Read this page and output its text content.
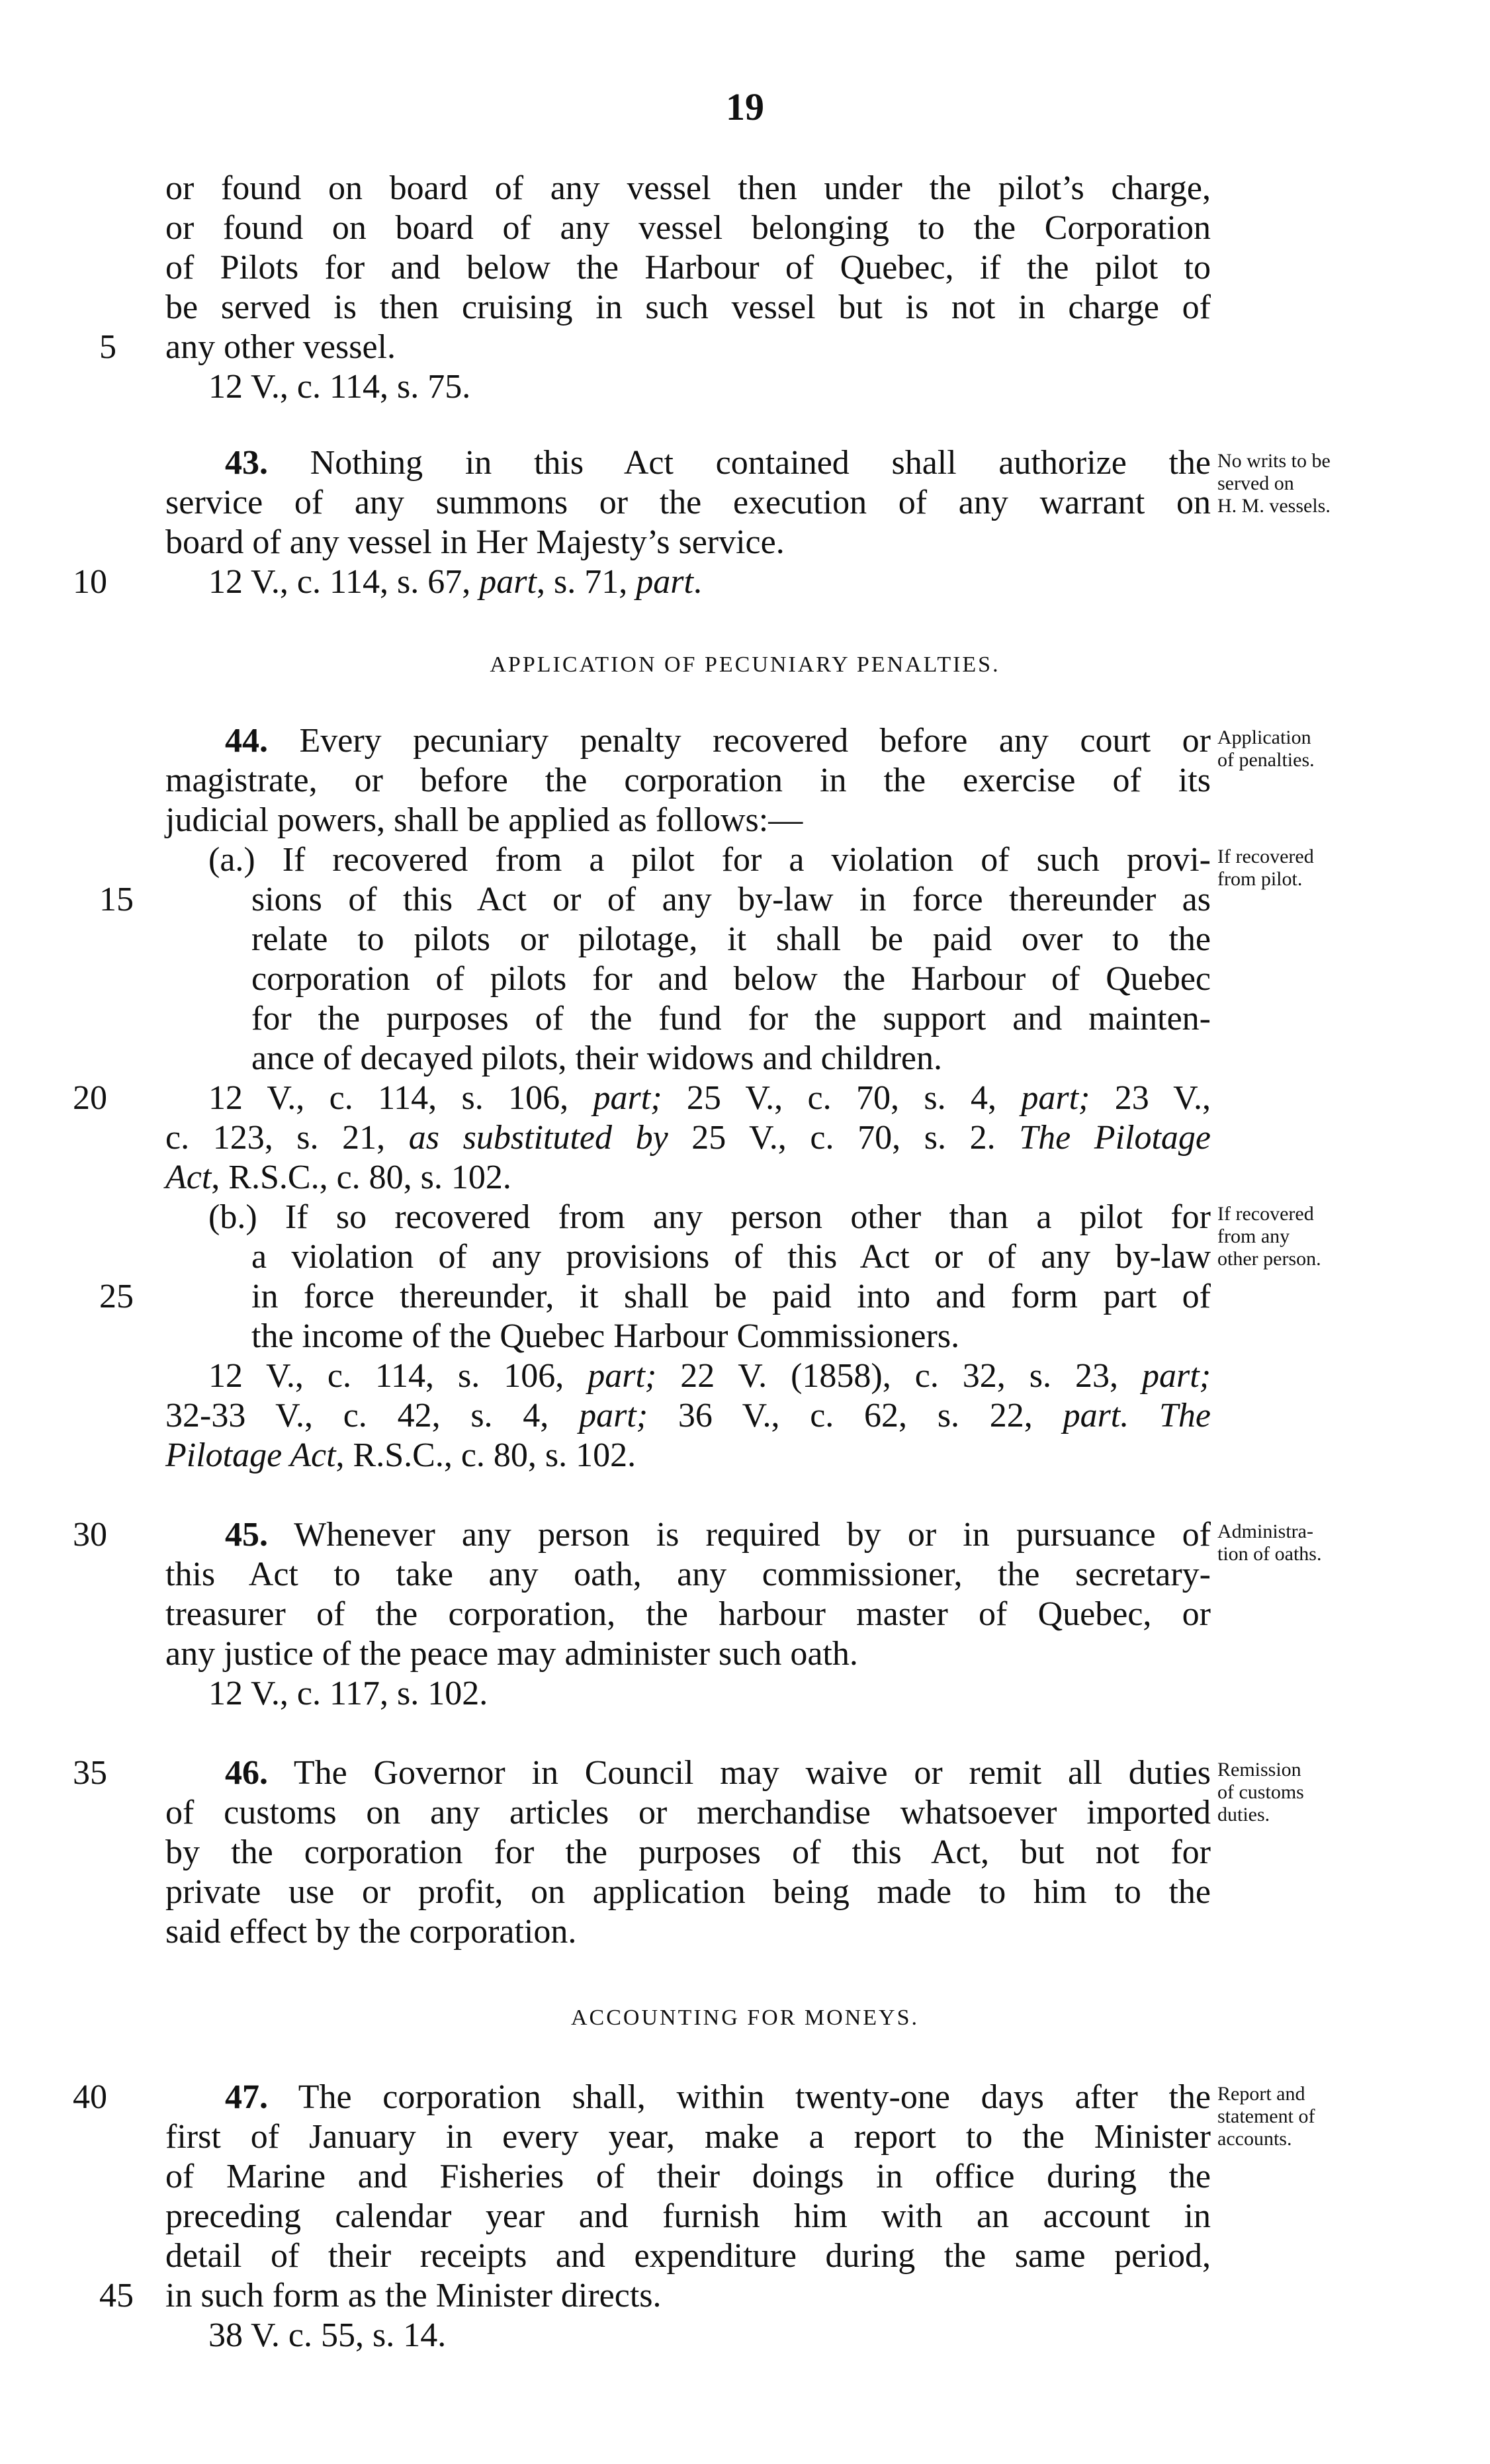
19
or found on board of any vessel then under the pilot’s charge,
or found on board of any vessel belonging to the Corporation
of Pilots for and below the Harbour of Quebec, if the pilot to
be served is then cruising in such vessel but is not in charge of
5 any other vessel.
12 V., c. 114, s. 75.
43. Nothing in this Act contained shall authorize the
service of any summons or the execution of any warrant on
board of any vessel in Her Majesty’s service.
10	12 V., c. 114, s. 67, part, s. 71, part.
No writs to be
served on
H. M. vessels.
APPLICATION OF PECUNIARY PENALTIES.
44. Every pecuniary penalty recovered before any court or
magistrate, or before the corporation in the exercise of its
judicial powers, shall be applied as follows:—
Application
of penalties.
(a.) If recovered from a pilot for a violation of such provi-
15	sions of this Act or of any by-law in force thereunder as
relate to pilots or pilotage, it shall be paid over to the
corporation of pilots for and below the Harbour of Quebec
for the purposes of the fund for the support and mainten-
ance of decayed pilots, their widows and children.
If recovered
from pilot.
20	12 V., c. 114, s. 106, part; 25 V., c. 70, s. 4, part; 23 V.,
c. 123, s. 21, as substituted by 25 V., c. 70, s. 2. The Pilotage
Act, R.S.C., c. 80, s. 102.
(b.) If so recovered from any person other than a pilot for
a violation of any provisions of this Act or of any by-law
25	in force thereunder, it shall be paid into and form part of
the income of the Quebec Harbour Commissioners.
If recovered
from any
other person.
12 V., c. 114, s. 106, part; 22 V. (1858), c. 32, s. 23, part;
32-33 V., c. 42, s. 4, part; 36 V., c. 62, s. 22, part. The
Pilotage Act, R.S.C., c. 80, s. 102.
30	45. Whenever any person is required by or in pursuance of
this Act to take any oath, any commissioner, the secretary-
treasurer of the corporation, the harbour master of Quebec, or
any justice of the peace may administer such oath.
12 V., c. 117, s. 102.
Administra-
tion of oaths.
35	46. The Governor in Council may waive or remit all duties
of customs on any articles or merchandise whatsoever imported
by the corporation for the purposes of this Act, but not for
private use or profit, on application being made to him to the
said effect by the corporation.
Remission
of customs
duties.
ACCOUNTING FOR MONEYS.
40	47. The corporation shall, within twenty-one days after the
first of January in every year, make a report to the Minister
of Marine and Fisheries of their doings in office during the
preceding calendar year and furnish him with an account in
detail of their receipts and expenditure during the same period,
45 in such form as the Minister directs.
38 V. c. 55, s. 14.
Report and
statement of
accounts.
